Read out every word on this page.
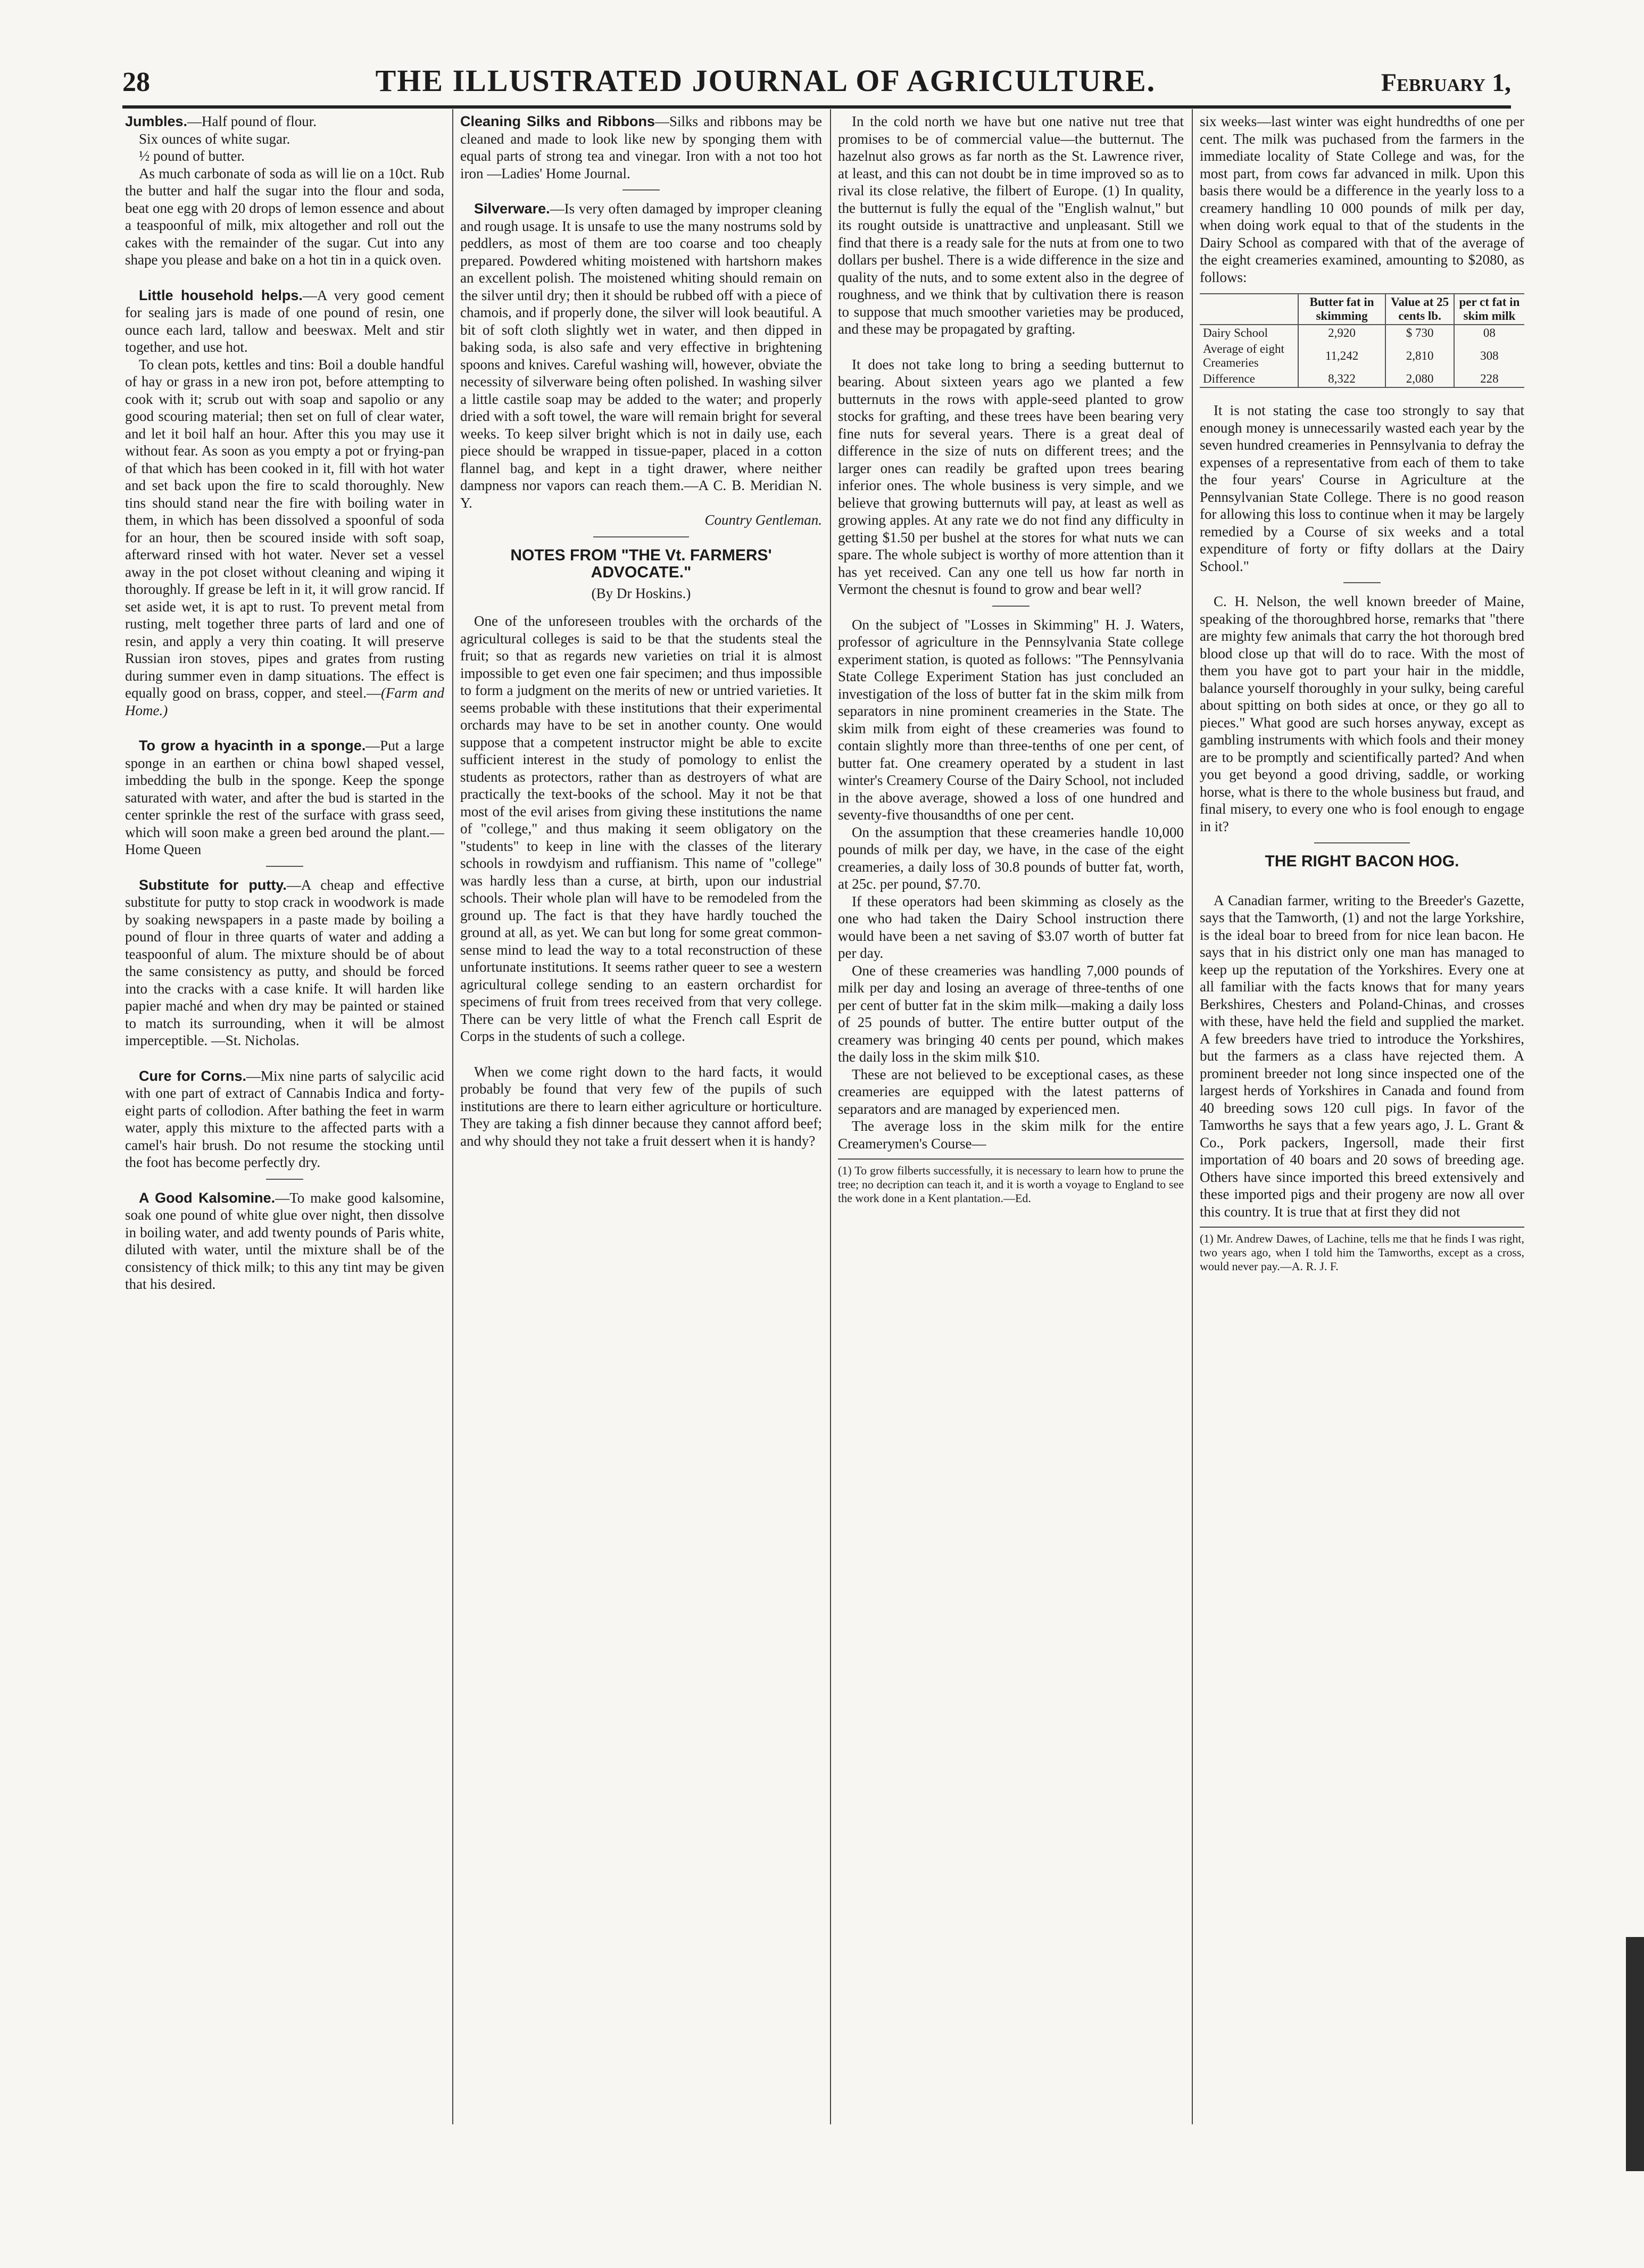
28	THE ILLUSTRATED JOURNAL OF AGRICULTURE.	February 1,

Jumbles.—Half pound of flour.

Six ounces of white sugar.

½ pound of butter.

As much carbonate of soda as will lie on a 10ct. Rub the butter and half the sugar into the flour and soda, beat one egg with 20 drops of lemon essence and about a teaspoonful of milk, mix altogether and roll out the cakes with the remainder of the sugar. Cut into any shape you please and bake on a hot tin in a quick oven.

Little household helps.—A very good cement for sealing jars is made of one pound of resin, one ounce each lard, tallow and beeswax. Melt and stir together, and use hot.

To clean pots, kettles and tins: Boil a double handful of hay or grass in a new iron pot, before attempting to cook with it; scrub out with soap and sapolio or any good scouring material; then set on full of clear water, and let it boil half an hour. After this you may use it without fear. As soon as you empty a pot or frying-pan of that which has been cooked in it, fill with hot water and set back upon the fire to scald thoroughly. New tins should stand near the fire with boiling water in them, in which has been dissolved a spoonful of soda for an hour, then be scoured inside with soft soap, afterward rinsed with hot water. Never set a vessel away in the pot closet without cleaning and wiping it thoroughly. If grease be left in it, it will grow rancid. If set aside wet, it is apt to rust. To prevent metal from rusting, melt together three parts of lard and one of resin, and apply a very thin coating. It will preserve Russian iron stoves, pipes and grates from rusting during summer even in damp situations. The effect is equally good on brass, copper, and steel.—(Farm and Home.)

To grow a hyacinth in a sponge.—Put a large sponge in an earthen or china bowl shaped vessel, imbedding the bulb in the sponge. Keep the sponge saturated with water, and after the bud is started in the center sprinkle the rest of the surface with grass seed, which will soon make a green bed around the plant.—Home Queen

Substitute for putty.—A cheap and effective substitute for putty to stop crack in woodwork is made by soaking newspapers in a paste made by boiling a pound of flour in three quarts of water and adding a teaspoonful of alum. The mixture should be of about the same consistency as putty, and should be forced into the cracks with a case knife. It will harden like papier maché and when dry may be painted or stained to match its surrounding, when it will be almost imperceptible. —St. Nicholas.

Cure for Corns.—Mix nine parts of salycilic acid with one part of extract of Cannabis Indica and forty-eight parts of collodion. After bathing the feet in warm water, apply this mixture to the affected parts with a camel's hair brush. Do not resume the stocking until the foot has become perfectly dry.

A Good Kalsomine.—To make good kalsomine, soak one pound of white glue over night, then dissolve in boiling water, and add twenty pounds of Paris white, diluted with water, until the mixture shall be of the consistency of thick milk; to this any tint may be given that his desired.

Cleaning Silks and Ribbons—Silks and ribbons may be cleaned and made to look like new by sponging them with equal parts of strong tea and vinegar. Iron with a not too hot iron —Ladies' Home Journal.

Silverware.—Is very often damaged by improper cleaning and rough usage. It is unsafe to use the many nostrums sold by peddlers, as most of them are too coarse and too cheaply prepared. Powdered whiting moistened with hartshorn makes an excellent polish. The moistened whiting should remain on the silver until dry; then it should be rubbed off with a piece of chamois, and if properly done, the silver will look beautiful. A bit of soft cloth slightly wet in water, and then dipped in baking soda, is also safe and very effective in brightening spoons and knives. Careful washing will, however, obviate the necessity of silverware being often polished. In washing silver a little castile soap may be added to the water; and properly dried with a soft towel, the ware will remain bright for several weeks. To keep silver bright which is not in daily use, each piece should be wrapped in tissue-paper, placed in a cotton flannel bag, and kept in a tight drawer, where neither dampness nor vapors can reach them.—A C. B. Meridian N. Y.

Country Gentleman.

NOTES FROM "THE Vt. FARMERS' ADVOCATE."
(By Dr Hoskins.)

One of the unforeseen troubles with the orchards of the agricultural colleges is said to be that the students steal the fruit; so that as regards new varieties on trial it is almost impossible to get even one fair specimen; and thus impossible to form a judgment on the merits of new or untried varieties. It seems probable with these institutions that their experimental orchards may have to be set in another county. One would suppose that a competent instructor might be able to excite sufficient interest in the study of pomology to enlist the students as protectors, rather than as destroyers of what are practically the text-books of the school. May it not be that most of the evil arises from giving these institutions the name of "college," and thus making it seem obligatory on the "students" to keep in line with the classes of the literary schools in rowdyism and ruffianism. This name of "college" was hardly less than a curse, at birth, upon our industrial schools. Their whole plan will have to be remodeled from the ground up. The fact is that they have hardly touched the ground at all, as yet. We can but long for some great common-sense mind to lead the way to a total reconstruction of these unfortunate institutions. It seems rather queer to see a western agricultural college sending to an eastern orchardist for specimens of fruit from trees received from that very college. There can be very little of what the French call Esprit de Corps in the students of such a college.

When we come right down to the hard facts, it would probably be found that very few of the pupils of such institutions are there to learn either agriculture or horticulture. They are taking a fish dinner because they cannot afford beef; and why should they not take a fruit dessert when it is handy?

In the cold north we have but one native nut tree that promises to be of commercial value—the butternut. The hazelnut also grows as far north as the St. Lawrence river, at least, and this can not doubt be in time improved so as to rival its close relative, the filbert of Europe. (1) In quality, the butternut is fully the equal of the "English walnut," but its rought outside is unattractive and unpleasant. Still we find that there is a ready sale for the nuts at from one to two dollars per bushel. There is a wide difference in the size and quality of the nuts, and to some extent also in the degree of roughness, and we think that by cultivation there is reason to suppose that much smoother varieties may be produced, and these may be propagated by grafting.

It does not take long to bring a seeding butternut to bearing. About sixteen years ago we planted a few butternuts in the rows with apple-seed planted to grow stocks for grafting, and these trees have been bearing very fine nuts for several years. There is a great deal of difference in the size of nuts on different trees; and the larger ones can readily be grafted upon trees bearing inferior ones. The whole business is very simple, and we believe that growing butternuts will pay, at least as well as growing apples. At any rate we do not find any difficulty in getting $1.50 per bushel at the stores for what nuts we can spare. The whole subject is worthy of more attention than it has yet received. Can any one tell us how far north in Vermont the chesnut is found to grow and bear well?

On the subject of "Losses in Skimming" H. J. Waters, professor of agriculture in the Pennsylvania State college experiment station, is quoted as follows: "The Pennsylvania State College Experiment Station has just concluded an investigation of the loss of butter fat in the skim milk from separators in nine prominent creameries in the State. The skim milk from eight of these creameries was found to contain slightly more than three-tenths of one per cent, of butter fat. One creamery operated by a student in last winter's Creamery Course of the Dairy School, not included in the above average, showed a loss of one hundred and seventy-five thousandths of one per cent.

On the assumption that these creameries handle 10,000 pounds of milk per day, we have, in the case of the eight creameries, a daily loss of 30.8 pounds of butter fat, worth, at 25c. per pound, $7.70.

If these operators had been skimming as closely as the one who had taken the Dairy School instruction there would have been a net saving of $3.07 worth of butter fat per day.

One of these creameries was handling 7,000 pounds of milk per day and losing an average of three-tenths of one per cent of butter fat in the skim milk—making a daily loss of 25 pounds of butter. The entire butter output of the creamery was bringing 40 cents per pound, which makes the daily loss in the skim milk $10.

These are not believed to be exceptional cases, as these creameries are equipped with the latest patterns of separators and are managed by experienced men.

The average loss in the skim milk for the entire Creamerymen's Course—

(1) To grow filberts successfully, it is necessary to learn how to prune the tree; no decription can teach it, and it is worth a voyage to England to see the work done in a Kent plantation.—Ed.

six weeks—last winter was eight hundredths of one per cent. The milk was puchased from the farmers in the immediate locality of State College and was, for the most part, from cows far advanced in milk. Upon this basis there would be a difference in the yearly loss to a creamery handling 10 000 pounds of milk per day, when doing work equal to that of the students in the Dairy School as compared with that of the average of the eight creameries examined, amounting to $2080, as follows:

	Butter fat in skimming	Value at 25 cents lb.	per ct fat in skim milk
Dairy School	2,920	$ 730	08
Average of eight Creameries	11,242	2,810	308
Difference	8,322	2,080	228

It is not stating the case too strongly to say that enough money is unnecessarily wasted each year by the seven hundred creameries in Pennsylvania to defray the expenses of a representative from each of them to take the four years' Course in Agriculture at the Pennsylvanian State College. There is no good reason for allowing this loss to continue when it may be largely remedied by a Course of six weeks and a total expenditure of forty or fifty dollars at the Dairy School."

C. H. Nelson, the well known breeder of Maine, speaking of the thoroughbred horse, remarks that "there are mighty few animals that carry the hot thorough bred blood close up that will do to race. With the most of them you have got to part your hair in the middle, balance yourself thoroughly in your sulky, being careful about spitting on both sides at once, or they go all to pieces." What good are such horses anyway, except as gambling instruments with which fools and their money are to be promptly and scientifically parted? And when you get beyond a good driving, saddle, or working horse, what is there to the whole business but fraud, and final misery, to every one who is fool enough to engage in it?

THE RIGHT BACON HOG.

A Canadian farmer, writing to the Breeder's Gazette, says that the Tamworth, (1) and not the large Yorkshire, is the ideal boar to breed from for nice lean bacon. He says that in his district only one man has managed to keep up the reputation of the Yorkshires. Every one at all familiar with the facts knows that for many years Berkshires, Chesters and Poland-Chinas, and crosses with these, have held the field and supplied the market. A few breeders have tried to introduce the Yorkshires, but the farmers as a class have rejected them. A prominent breeder not long since inspected one of the largest herds of Yorkshires in Canada and found from 40 breeding sows 120 cull pigs. In favor of the Tamworths he says that a few years ago, J. L. Grant & Co., Pork packers, Ingersoll, made their first importation of 40 boars and 20 sows of breeding age. Others have since imported this breed extensively and these imported pigs and their progeny are now all over this country. It is true that at first they did not

(1) Mr. Andrew Dawes, of Lachine, tells me that he finds I was right, two years ago, when I told him the Tamworths, except as a cross, would never pay.—A. R. J. F.
